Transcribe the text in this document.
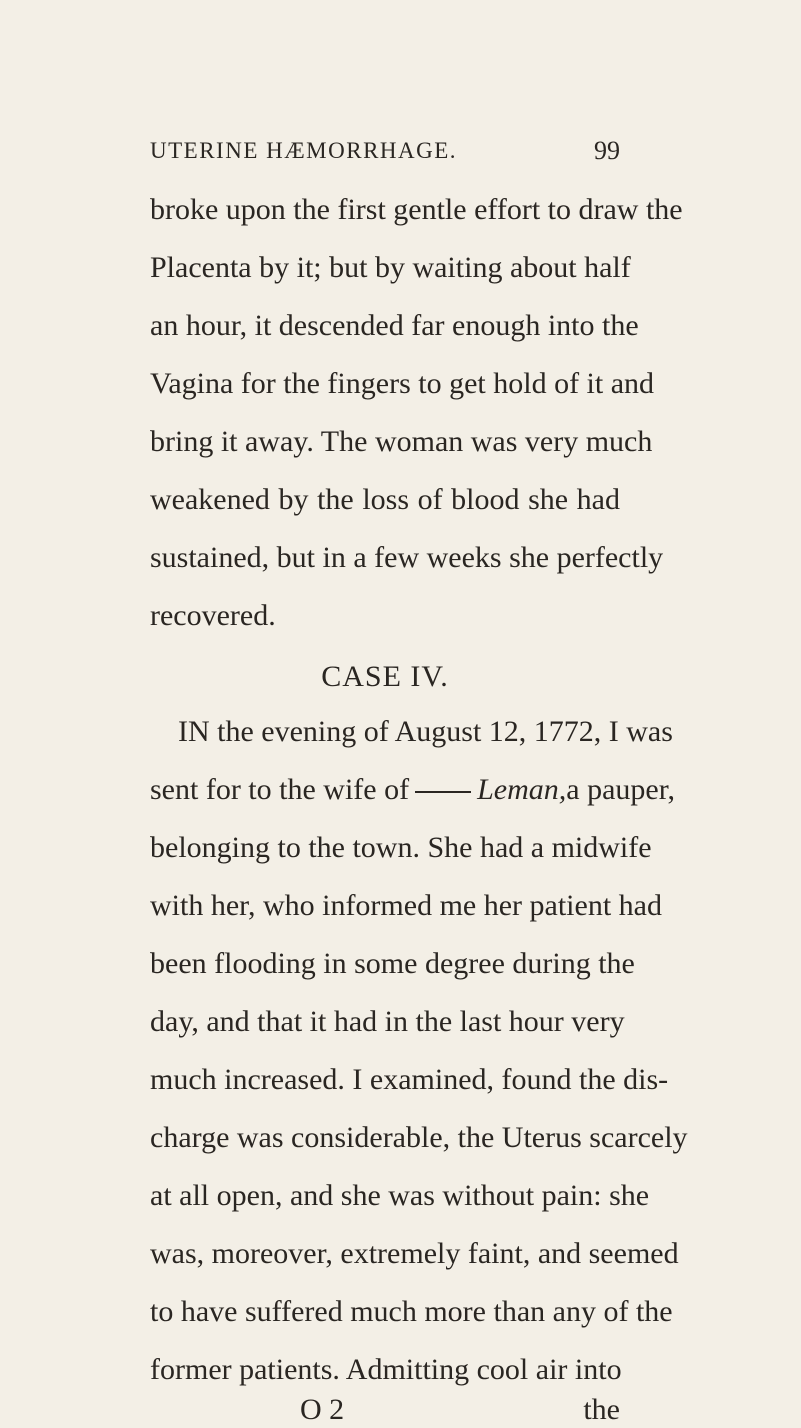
UTERINE HÆMORRHAGE.	99
broke upon the first gentle effort to draw the
Placenta by it; but by waiting about half
an hour, it descended far enough into the
Vagina for the fingers to get hold of it and
bring it away. The woman was very much
weakened by the loss of blood she had
sustained, but in a few weeks she perfectly
recovered.
CASE IV.
IN the evening of August 12, 1772, I was
sent for to the wife of Leman, a pauper,
belonging to the town. She had a midwife
with her, who informed me her patient had
been flooding in some degree during the
day, and that it had in the last hour very
much increased. I examined, found the dis-
charge was considerable, the Uterus scarcely
at all open, and she was without pain: she
was, moreover, extremely faint, and seemed
to have suffered much more than any of the
former patients. Admitting cool air into
O 2	the
